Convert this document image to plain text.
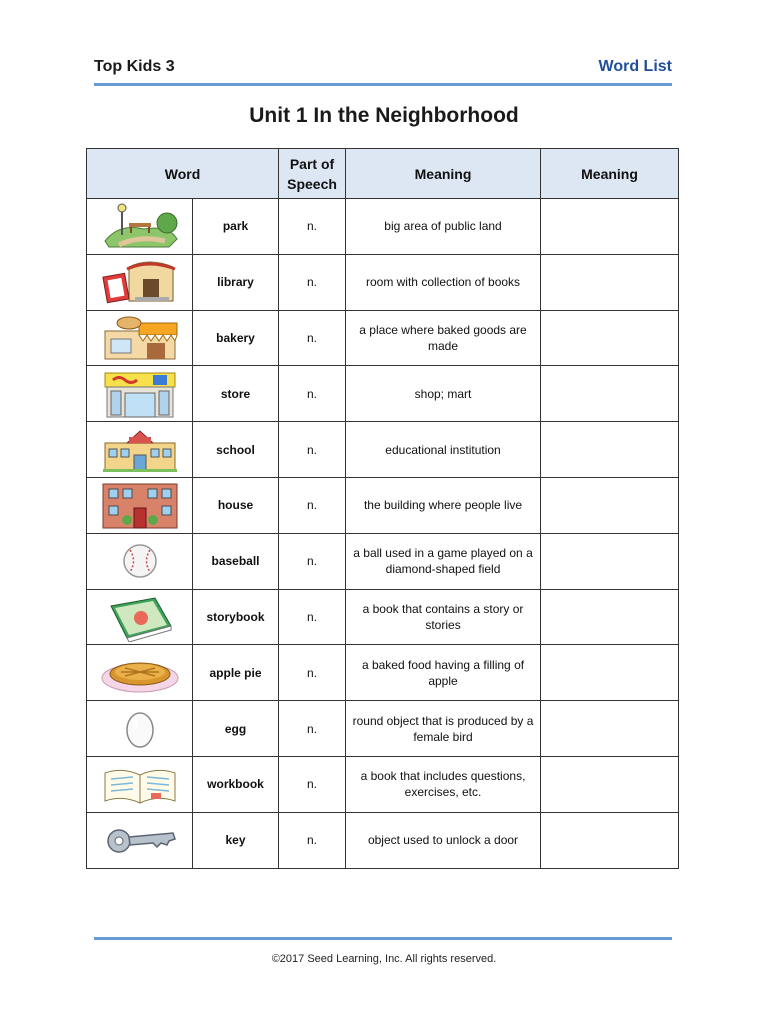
Top Kids 3	Word List
Unit 1 In the Neighborhood
Word		Part of Speech	Meaning	Meaning

	park	n.	big area of public land	

	library	n.	room with collection of books	

	bakery	n.	a place where baked goods are made	

	store	n.	shop; mart	

	school	n.	educational institution	

	house	n.	the building where people live	

	baseball	n.	a ball used in a game played on a diamond-shaped field	

	storybook	n.	a book that contains a story or stories	

	apple pie	n.	a baked food having a filling of apple	

	egg	n.	round object that is produced by a female bird	

	workbook	n.	a book that includes questions, exercises, etc.	

	key	n.	object used to unlock a door	
©2017 Seed Learning, Inc. All rights reserved.
